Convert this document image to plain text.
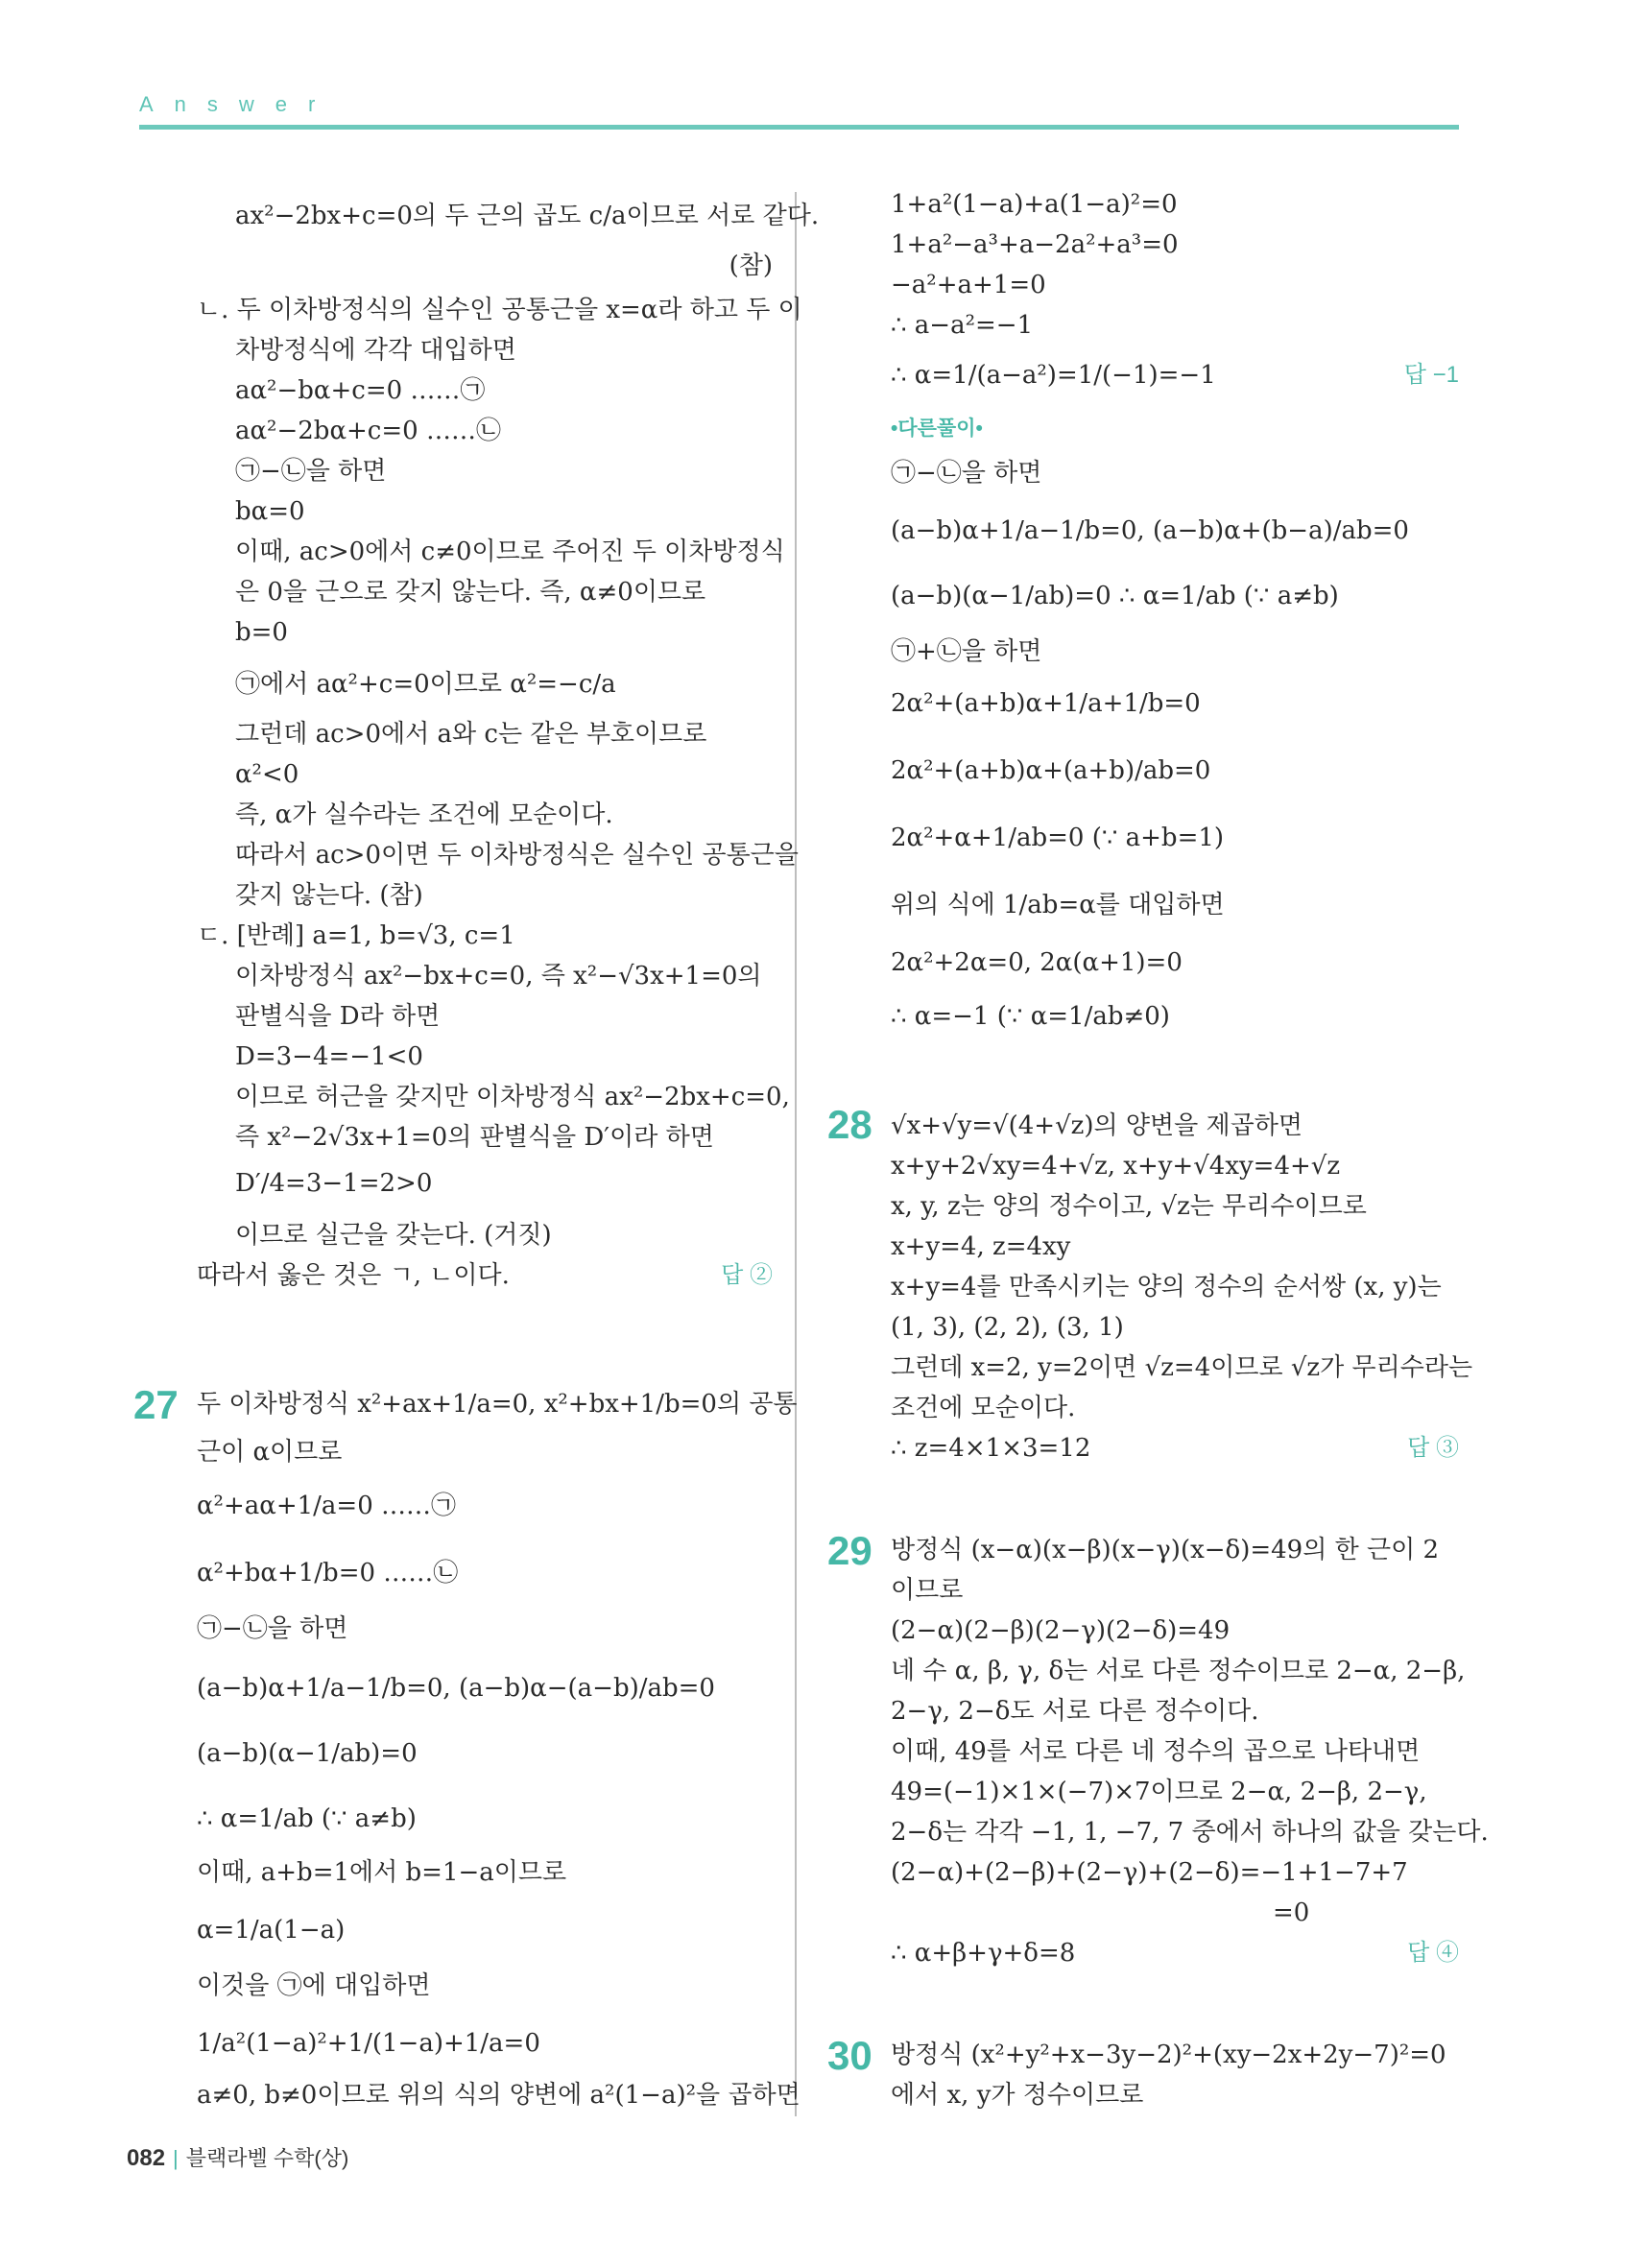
Answer
ax²−2bx+c=0의 두 근의 곱도 c/a이므로 서로 같다.
(참)
ㄴ. 두 이차방정식의 실수인 공통근을 x=α라 하고 두 이
차방정식에 각각 대입하면
aα²−bα+c=0 ……㉠
aα²−2bα+c=0 ……㉡
㉠−㉡을 하면
bα=0
이때, ac>0에서 c≠0이므로 주어진 두 이차방정식
은 0을 근으로 갖지 않는다. 즉, α≠0이므로
b=0
㉠에서 aα²+c=0이므로 α²=−c/a
그런데 ac>0에서 a와 c는 같은 부호이므로
α²<0
즉, α가 실수라는 조건에 모순이다.
따라서 ac>0이면 두 이차방정식은 실수인 공통근을
갖지 않는다. (참)
ㄷ. [반례] a=1, b=√3, c=1
이차방정식 ax²−bx+c=0, 즉 x²−√3x+1=0의
판별식을 D라 하면
D=3−4=−1<0
이므로 허근을 갖지만 이차방정식 ax²−2bx+c=0,
즉 x²−2√3x+1=0의 판별식을 D′이라 하면
D′/4=3−1=2>0
이므로 실근을 갖는다. (거짓)
따라서 옳은 것은 ㄱ, ㄴ이다.	답 ②
27 두 이차방정식 x²+ax+1/a=0, x²+bx+1/b=0의 공통
근이 α이므로
α²+aα+1/a=0 ……㉠
α²+bα+1/b=0 ……㉡
㉠−㉡을 하면
(a−b)α+1/a−1/b=0, (a−b)α−(a−b)/ab=0
(a−b)(α−1/ab)=0
∴ α=1/ab (∵ a≠b)
이때, a+b=1에서 b=1−a이므로
α=1/a(1−a)
이것을 ㉠에 대입하면
1/a²(1−a)²+1/(1−a)+1/a=0
a≠0, b≠0이므로 위의 식의 양변에 a²(1−a)²을 곱하면
1+a²(1−a)+a(1−a)²=0
1+a²−a³+a−2a²+a³=0
−a²+a+1=0
∴ a−a²=−1
∴ α=1/(a−a²)=1/(−1)=−1	답 −1
•다른풀이•
㉠−㉡을 하면
(a−b)α+1/a−1/b=0, (a−b)α+(b−a)/ab=0
(a−b)(α−1/ab)=0 ∴ α=1/ab (∵ a≠b)
㉠+㉡을 하면
2α²+(a+b)α+1/a+1/b=0
2α²+(a+b)α+(a+b)/ab=0
2α²+α+1/ab=0 (∵ a+b=1)
위의 식에 1/ab=α를 대입하면
2α²+2α=0, 2α(α+1)=0
∴ α=−1 (∵ α=1/ab≠0)
28 √x+√y=√(4+√z)의 양변을 제곱하면
x+y+2√xy=4+√z, x+y+√4xy=4+√z
x, y, z는 양의 정수이고, √z는 무리수이므로
x+y=4, z=4xy
x+y=4를 만족시키는 양의 정수의 순서쌍 (x, y)는
(1, 3), (2, 2), (3, 1)
그런데 x=2, y=2이면 √z=4이므로 √z가 무리수라는
조건에 모순이다.
∴ z=4×1×3=12	답 ③
29 방정식 (x−α)(x−β)(x−γ)(x−δ)=49의 한 근이 2
이므로
(2−α)(2−β)(2−γ)(2−δ)=49
네 수 α, β, γ, δ는 서로 다른 정수이므로 2−α, 2−β,
2−γ, 2−δ도 서로 다른 정수이다.
이때, 49를 서로 다른 네 정수의 곱으로 나타내면
49=(−1)×1×(−7)×7이므로 2−α, 2−β, 2−γ,
2−δ는 각각 −1, 1, −7, 7 중에서 하나의 값을 갖는다.
(2−α)+(2−β)+(2−γ)+(2−δ)=−1+1−7+7
=0
∴ α+β+γ+δ=8	답 ④
30 방정식 (x²+y²+x−3y−2)²+(xy−2x+2y−7)²=0
에서 x, y가 정수이므로
082 | 블랙라벨 수학(상)
